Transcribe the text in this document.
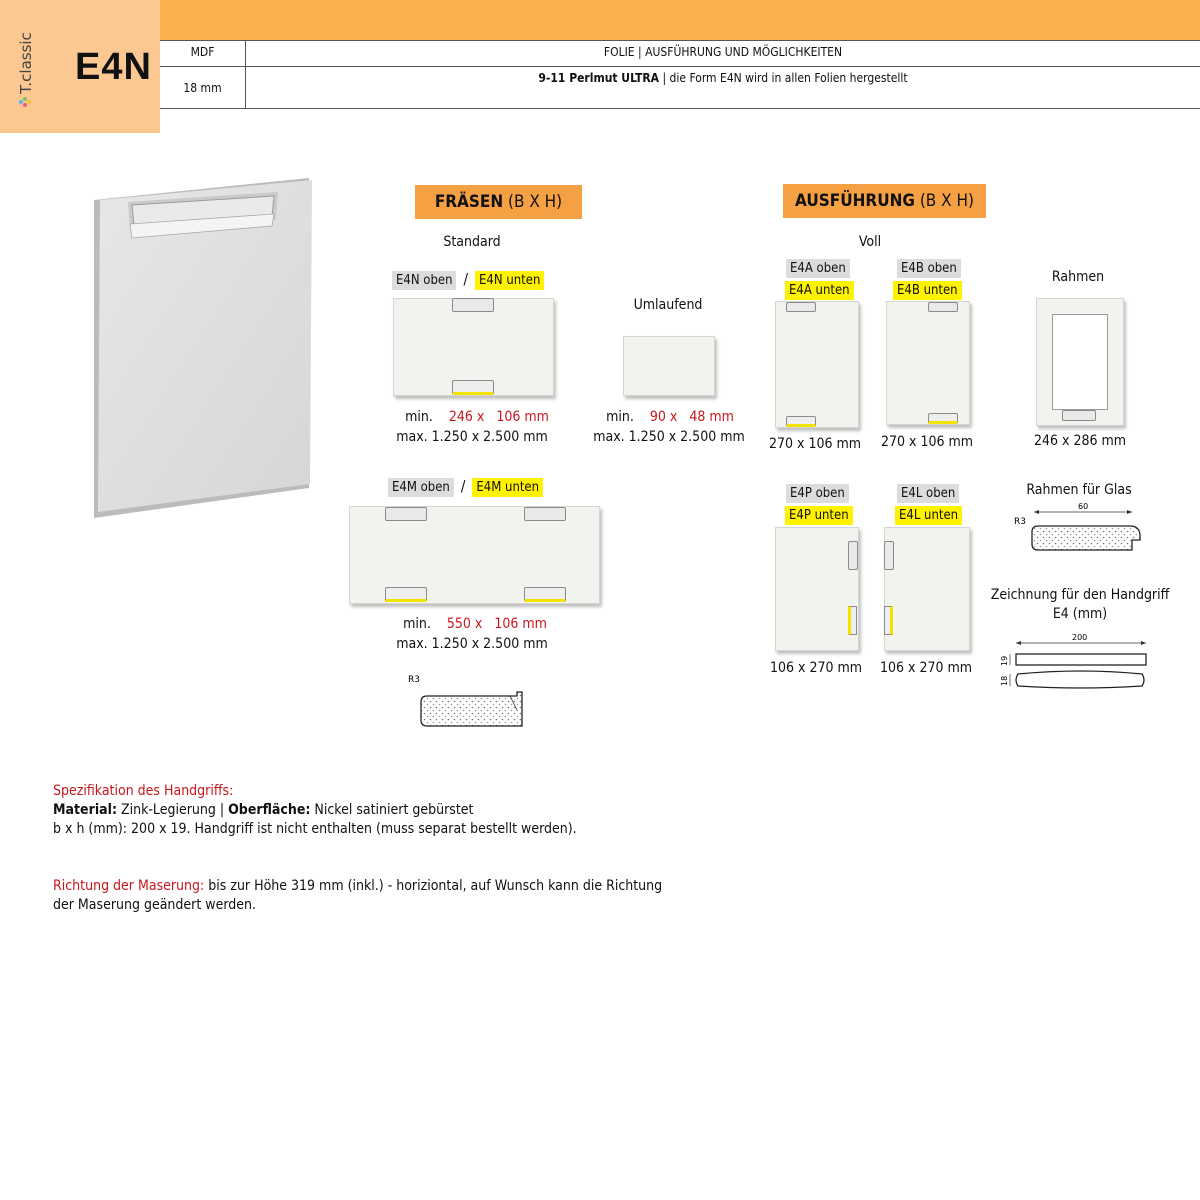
T.classic E4N	MDF
18 mm
FOLIE | AUSFÜHRUNG UND MÖGLICHKEITEN
9-11 Perlmut ULTRA | die Form E4N wird in allen Folien hergestellt
FRÄSEN (B X H)
Standard
E4N oben / E4N unten
min. 246 x 106 mm
max. 1.250 x 2.500 mm
Umlaufend
min. 90 x 48 mm
max. 1.250 x 2.500 mm
E4M oben / E4M unten
min. 550 x 106 mm
max. 1.250 x 2.500 mm
R3
AUSFÜHRUNG (B X H)
Voll
E4A oben
E4A unten
270 x 106 mm
E4B oben
E4B unten
270 x 106 mm
Rahmen
246 x 286 mm
E4P oben
E4P unten
106 x 270 mm
E4L oben
E4L unten
106 x 270 mm
Rahmen für Glas
60
R3
Zeichnung für den Handgriff
E4 (mm)
200
19
18
Spezifikation des Handgriffs:
Material: Zink-Legierung | Oberfläche: Nickel satiniert gebürstet
b x h (mm): 200 x 19. Handgriff ist nicht enthalten (muss separat bestellt werden).
Richtung der Maserung: bis zur Höhe 319 mm (inkl.) - horiziontal, auf Wunsch kann die Richtung
der Maserung geändert werden.
